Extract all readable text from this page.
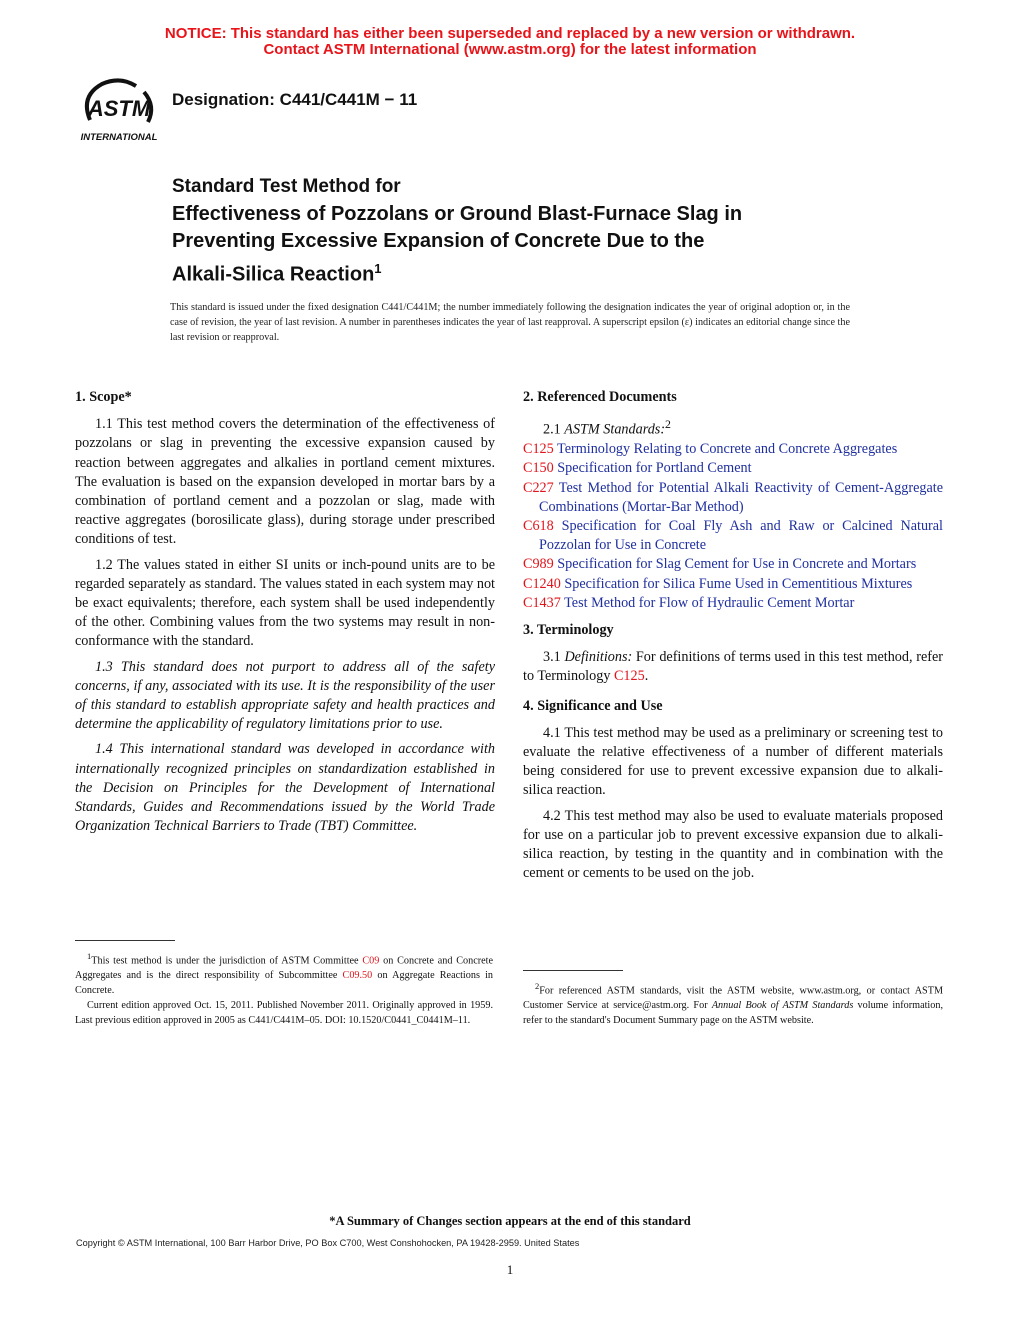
NOTICE: This standard has either been superseded and replaced by a new version or withdrawn.
Contact ASTM International (www.astm.org) for the latest information
ASTM
INTERNATIONAL
Designation: C441/C441M − 11
Standard Test Method for
Effectiveness of Pozzolans or Ground Blast-Furnace Slag in
Preventing Excessive Expansion of Concrete Due to the
Alkali-Silica Reaction$^1$
This standard is issued under the fixed designation C441/C441M; the number immediately following the designation indicates the year of original adoption or, in the case of revision, the year of last revision. A number in parentheses indicates the year of last reapproval. A superscript epsilon (ε) indicates an editorial change since the last revision or reapproval.
1. Scope*

1.1 This test method covers the determination of the effectiveness of pozzolans or slag in preventing the excessive expansion caused by reaction between aggregates and alkalies in portland cement mixtures. The evaluation is based on the expansion developed in mortar bars by a combination of portland cement and a pozzolan or slag, made with reactive aggregates (borosilicate glass), during storage under prescribed conditions of test.

1.2 The values stated in either SI units or inch-pound units are to be regarded separately as standard. The values stated in each system may not be exact equivalents; therefore, each system shall be used independently of the other. Combining values from the two systems may result in non-conformance with the standard.

1.3 This standard does not purport to address all of the safety concerns, if any, associated with its use. It is the responsibility of the user of this standard to establish appropriate safety and health practices and determine the applicability of regulatory limitations prior to use.

1.4 This international standard was developed in accordance with internationally recognized principles on standardization established in the Decision on Principles for the Development of International Standards, Guides and Recommendations issued by the World Trade Organization Technical Barriers to Trade (TBT) Committee.

$^1$This test method is under the jurisdiction of ASTM Committee C09 on Concrete and Concrete Aggregates and is the direct responsibility of Subcommittee C09.50 on Aggregate Reactions in Concrete.

Current edition approved Oct. 15, 2011. Published November 2011. Originally approved in 1959. Last previous edition approved in 2005 as C441/C441M–05. DOI: 10.1520/C0441_C0441M–11.

2. Referenced Documents

2.1 ASTM Standards:$^2$

C125 Terminology Relating to Concrete and Concrete Aggregates

C150 Specification for Portland Cement

C227 Test Method for Potential Alkali Reactivity of Cement-Aggregate Combinations (Mortar-Bar Method)

C618 Specification for Coal Fly Ash and Raw or Calcined Natural Pozzolan for Use in Concrete

C989 Specification for Slag Cement for Use in Concrete and Mortars

C1240 Specification for Silica Fume Used in Cementitious Mixtures

C1437 Test Method for Flow of Hydraulic Cement Mortar

3. Terminology

3.1 Definitions: For definitions of terms used in this test method, refer to Terminology C125.

4. Significance and Use

4.1 This test method may be used as a preliminary or screening test to evaluate the relative effectiveness of a number of different materials being considered for use to prevent excessive expansion due to alkali-silica reaction.

4.2 This test method may also be used to evaluate materials proposed for use on a particular job to prevent excessive expansion due to alkali-silica reaction, by testing in the quantity and in combination with the cement or cements to be used on the job.

$^2$For referenced ASTM standards, visit the ASTM website, www.astm.org, or contact ASTM Customer Service at service@astm.org. For Annual Book of ASTM Standards volume information, refer to the standard's Document Summary page on the ASTM website.

*A Summary of Changes section appears at the end of this standard
Copyright © ASTM International, 100 Barr Harbor Drive, PO Box C700, West Conshohocken, PA 19428-2959. United States
1
